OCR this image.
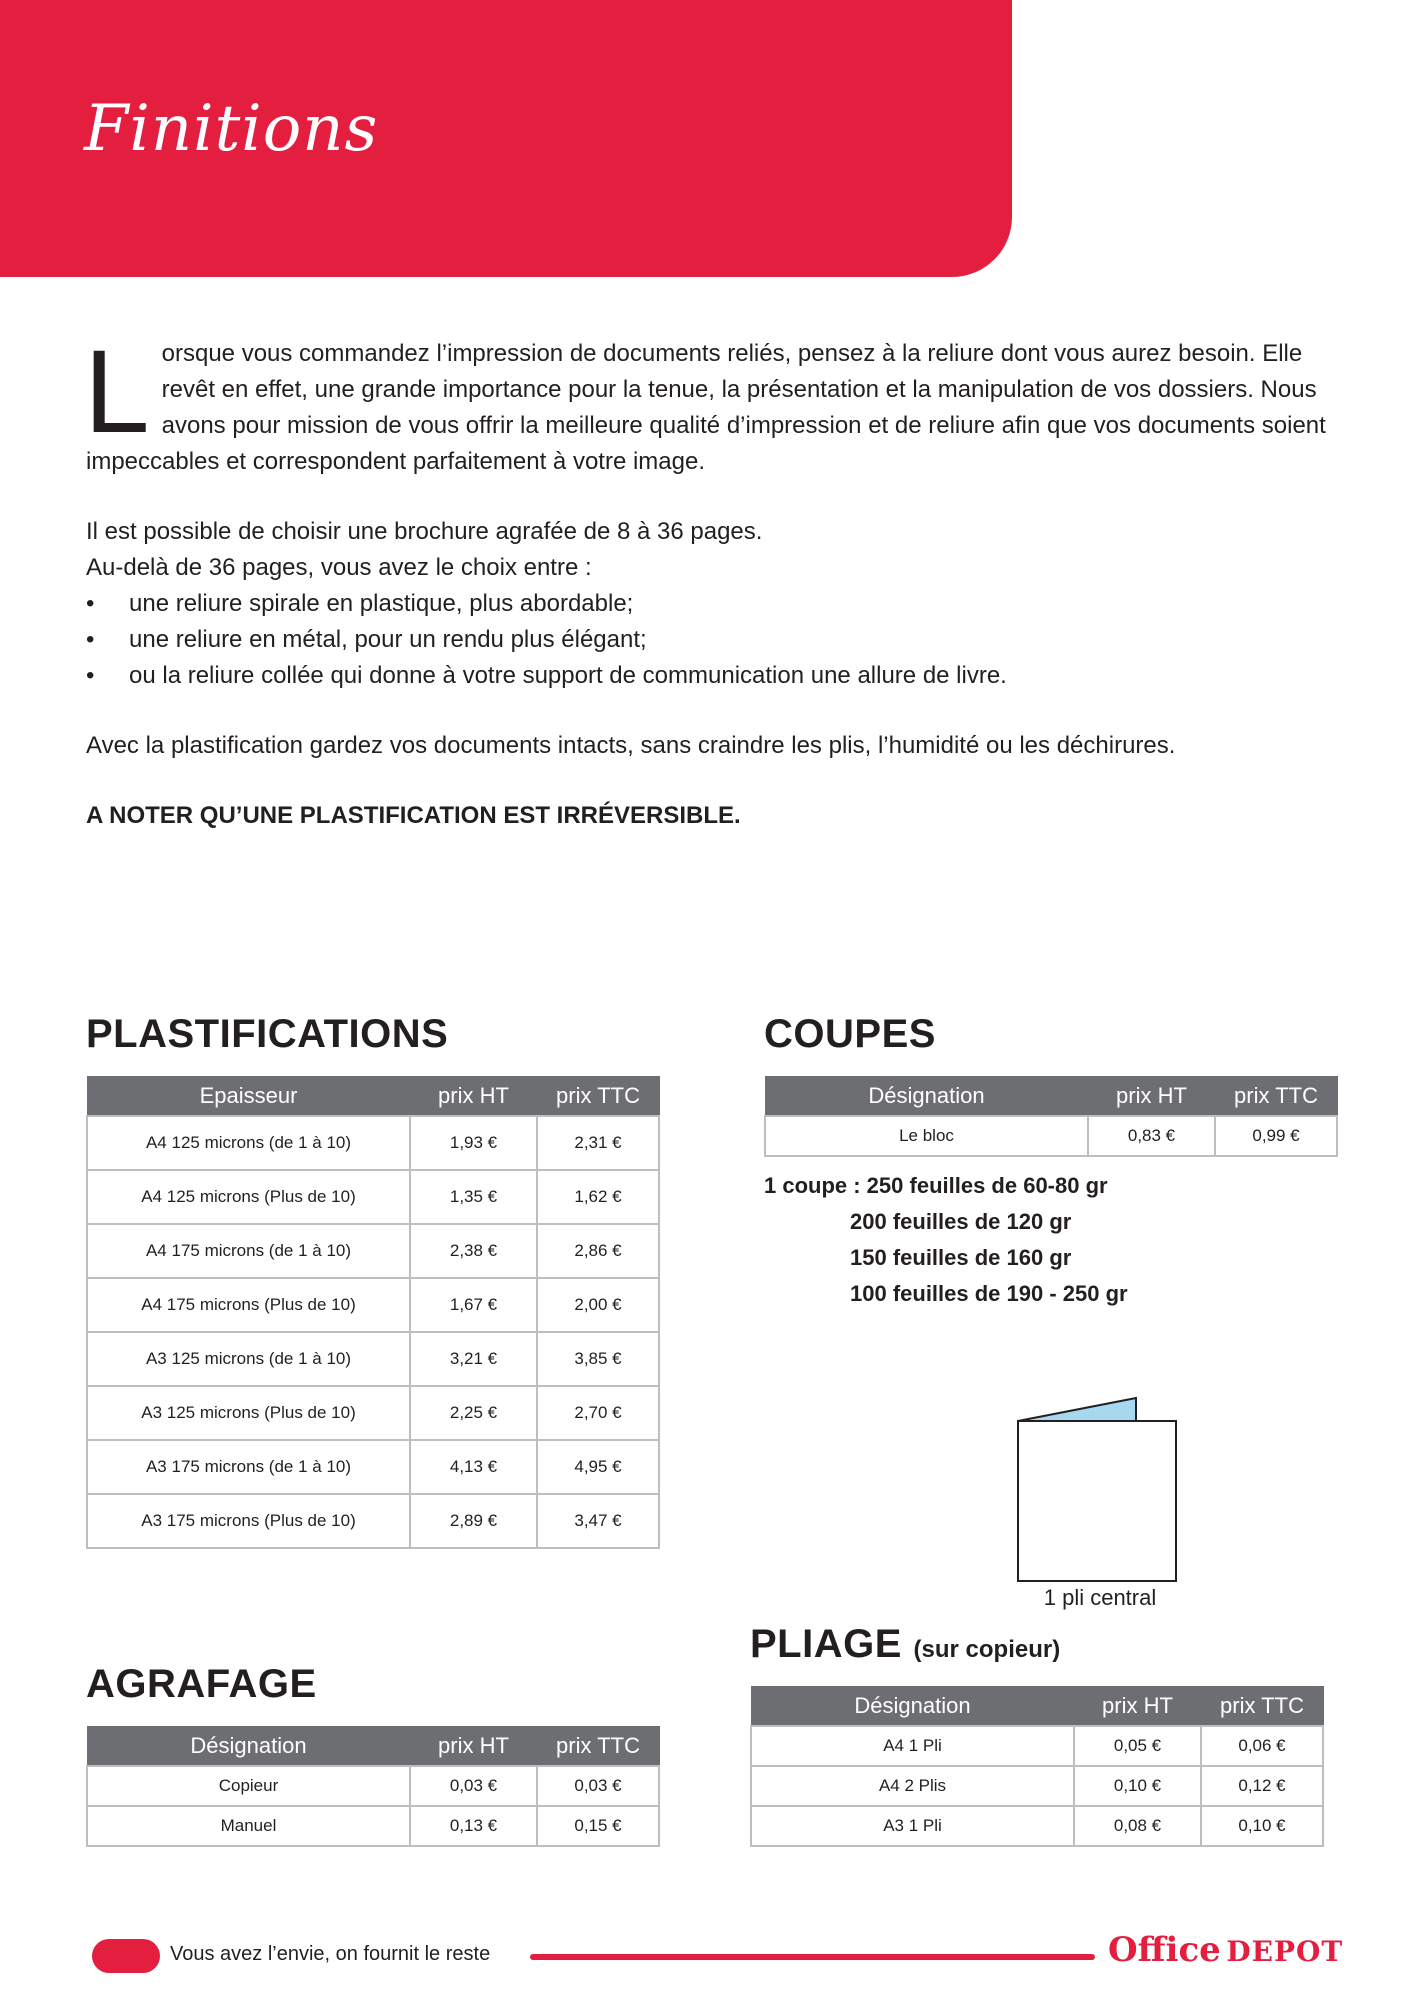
Finitions

Lorsque vous commandez l’impression de documents reliés, pensez à la reliure dont vous aurez besoin. Elle revêt en effet, une grande importance pour la tenue, la présentation et la manipulation de vos dossiers. Nous avons pour mission de vous offrir la meilleure qualité d’impression et de reliure afin que vos documents soient impeccables et correspondent parfaitement à votre image.

Il est possible de choisir une brochure agrafée de 8 à 36 pages.

Au-delà de 36 pages, vous avez le choix entre :

• une reliure spirale en plastique, plus abordable;
• une reliure en métal, pour un rendu plus élégant;
• ou la reliure collée qui donne à votre support de communication une allure de livre.

Avec la plastification gardez vos documents intacts, sans craindre les plis, l’humidité ou les déchirures.

A NOTER QU’UNE PLASTIFICATION EST IRRÉVERSIBLE.

PLASTIFICATIONS
Epaisseur	prix HT	prix TTC
A4 125 microns (de 1 à 10)	1,93 €	2,31 €
A4 125 microns (Plus de 10)	1,35 €	1,62 €
A4 175 microns (de 1 à 10)	2,38 €	2,86 €
A4 175 microns (Plus de 10)	1,67 €	2,00 €
A3 125 microns (de 1 à 10)	3,21 €	3,85 €
A3 125 microns (Plus de 10)	2,25 €	2,70 €
A3 175 microns (de 1 à 10)	4,13 €	4,95 €
A3 175 microns (Plus de 10)	2,89 €	3,47 €
COUPES
Désignation	prix HT	prix TTC
Le bloc	0,83 €	0,99 €
1 coupe : 250 feuilles de 60-80 gr
200 feuilles de 120 gr
150 feuilles de 160 gr
100 feuilles de 190 - 250 gr
1 pli central
PLIAGE (sur copieur)
Désignation	prix HT	prix TTC
A4 1 Pli	0,05 €	0,06 €
A4 2 Plis	0,10 €	0,12 €
A3 1 Pli	0,08 €	0,10 €
AGRAFAGE
Désignation	prix HT	prix TTC
Copieur	0,03 €	0,03 €
Manuel	0,13 €	0,15 €
Vous avez l’envie, on fournit le reste	Office DEPOT
